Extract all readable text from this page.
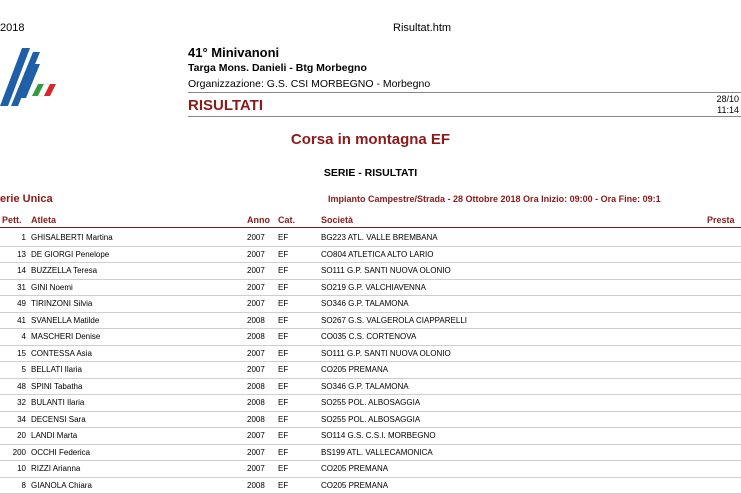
2018	Risultat.htm
41° Minivanoni
Targa Mons. Danieli - Btg Morbegno
Organizzazione: G.S. CSI MORBEGNO - Morbegno
RISULTATI	28/10
11:14
Corsa in montagna EF
SERIE - RISULTATI
erie Unica	Impianto Campestre/Strada - 28 Ottobre 2018 Ora Inizio: 09:00 - Ora Fine: 09:1
Pett. Atleta	Anno Cat.	Società	Presta
1 GHISALBERTI Martina	2007 EF	BG223 ATL. VALLE BREMBANA
13 DE GIORGI Penelope	2007 EF	CO804 ATLETICA ALTO LARIO
14 BUZZELLA Teresa	2007 EF	SO111 G.P. SANTI NUOVA OLONIO
31 GINI Noemi	2007 EF	SO219 G.P. VALCHIAVENNA
49 TIRINZONI Silvia	2007 EF	SO346 G.P. TALAMONA
41 SVANELLA Matilde	2008 EF	SO267 G.S. VALGEROLA CIAPPARELLI
4 MASCHERI Denise	2008 EF	CO035 C.S. CORTENOVA
15 CONTESSA Asia	2007 EF	SO111 G.P. SANTI NUOVA OLONIO
5 BELLATI Ilaria	2007 EF	CO205 PREMANA
48 SPINI Tabatha	2008 EF	SO346 G.P. TALAMONA
32 BULANTI Ilaria	2008 EF	SO255 POL. ALBOSAGGIA
34 DECENSI Sara	2008 EF	SO255 POL. ALBOSAGGIA
20 LANDI Marta	2007 EF	SO114 G.S. C.S.I. MORBEGNO
200 OCCHI Federica	2007 EF	BS199 ATL. VALLECAMONICA
10 RIZZI Arianna	2007 EF	CO205 PREMANA
8 GIANOLA Chiara	2008 EF	CO205 PREMANA
